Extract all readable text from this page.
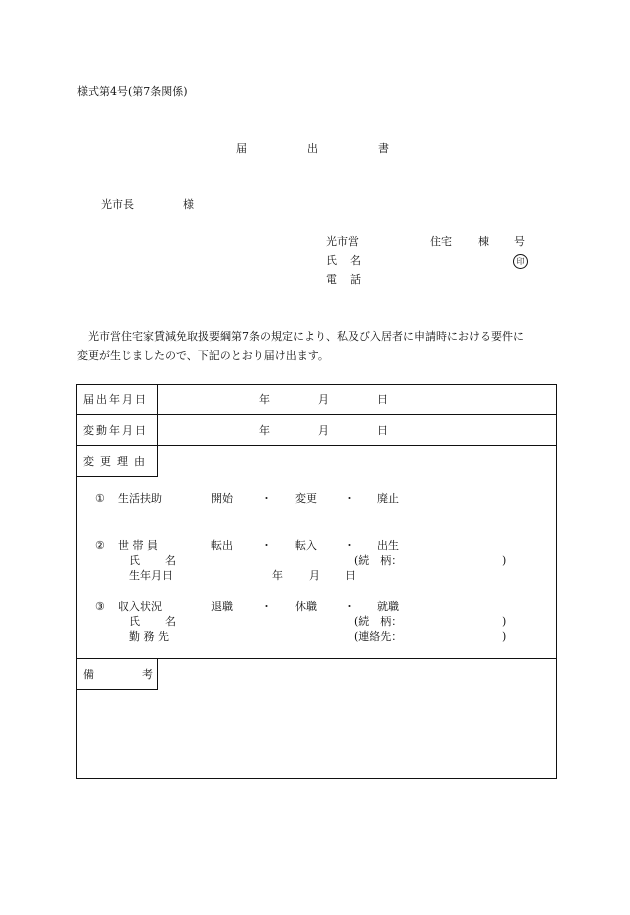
様式第4号(第7条関係)
届	出	書
光市長	様
光市営	住宅 棟 号
氏 名	印
電 話
光市営住宅家賃減免取扱要綱第7条の規定により、私及び入居者に申請時における要件に
変更が生じましたので、下記のとおり届け出ます。
届出年月日	年	月	日
変動年月日	年	月	日
変更理由
① 生活扶助	開始	・ 変更 ・ 廃止
② 世 帯 員	転出	・ 転入 ・ 出生
氏 名	(続　柄：	)
生年月日	年 月 日
③ 収入状況	退職	・ 休職 ・ 就職
氏 名	(続　柄：	)
勤 務 先	(連絡先：	)
備	考
